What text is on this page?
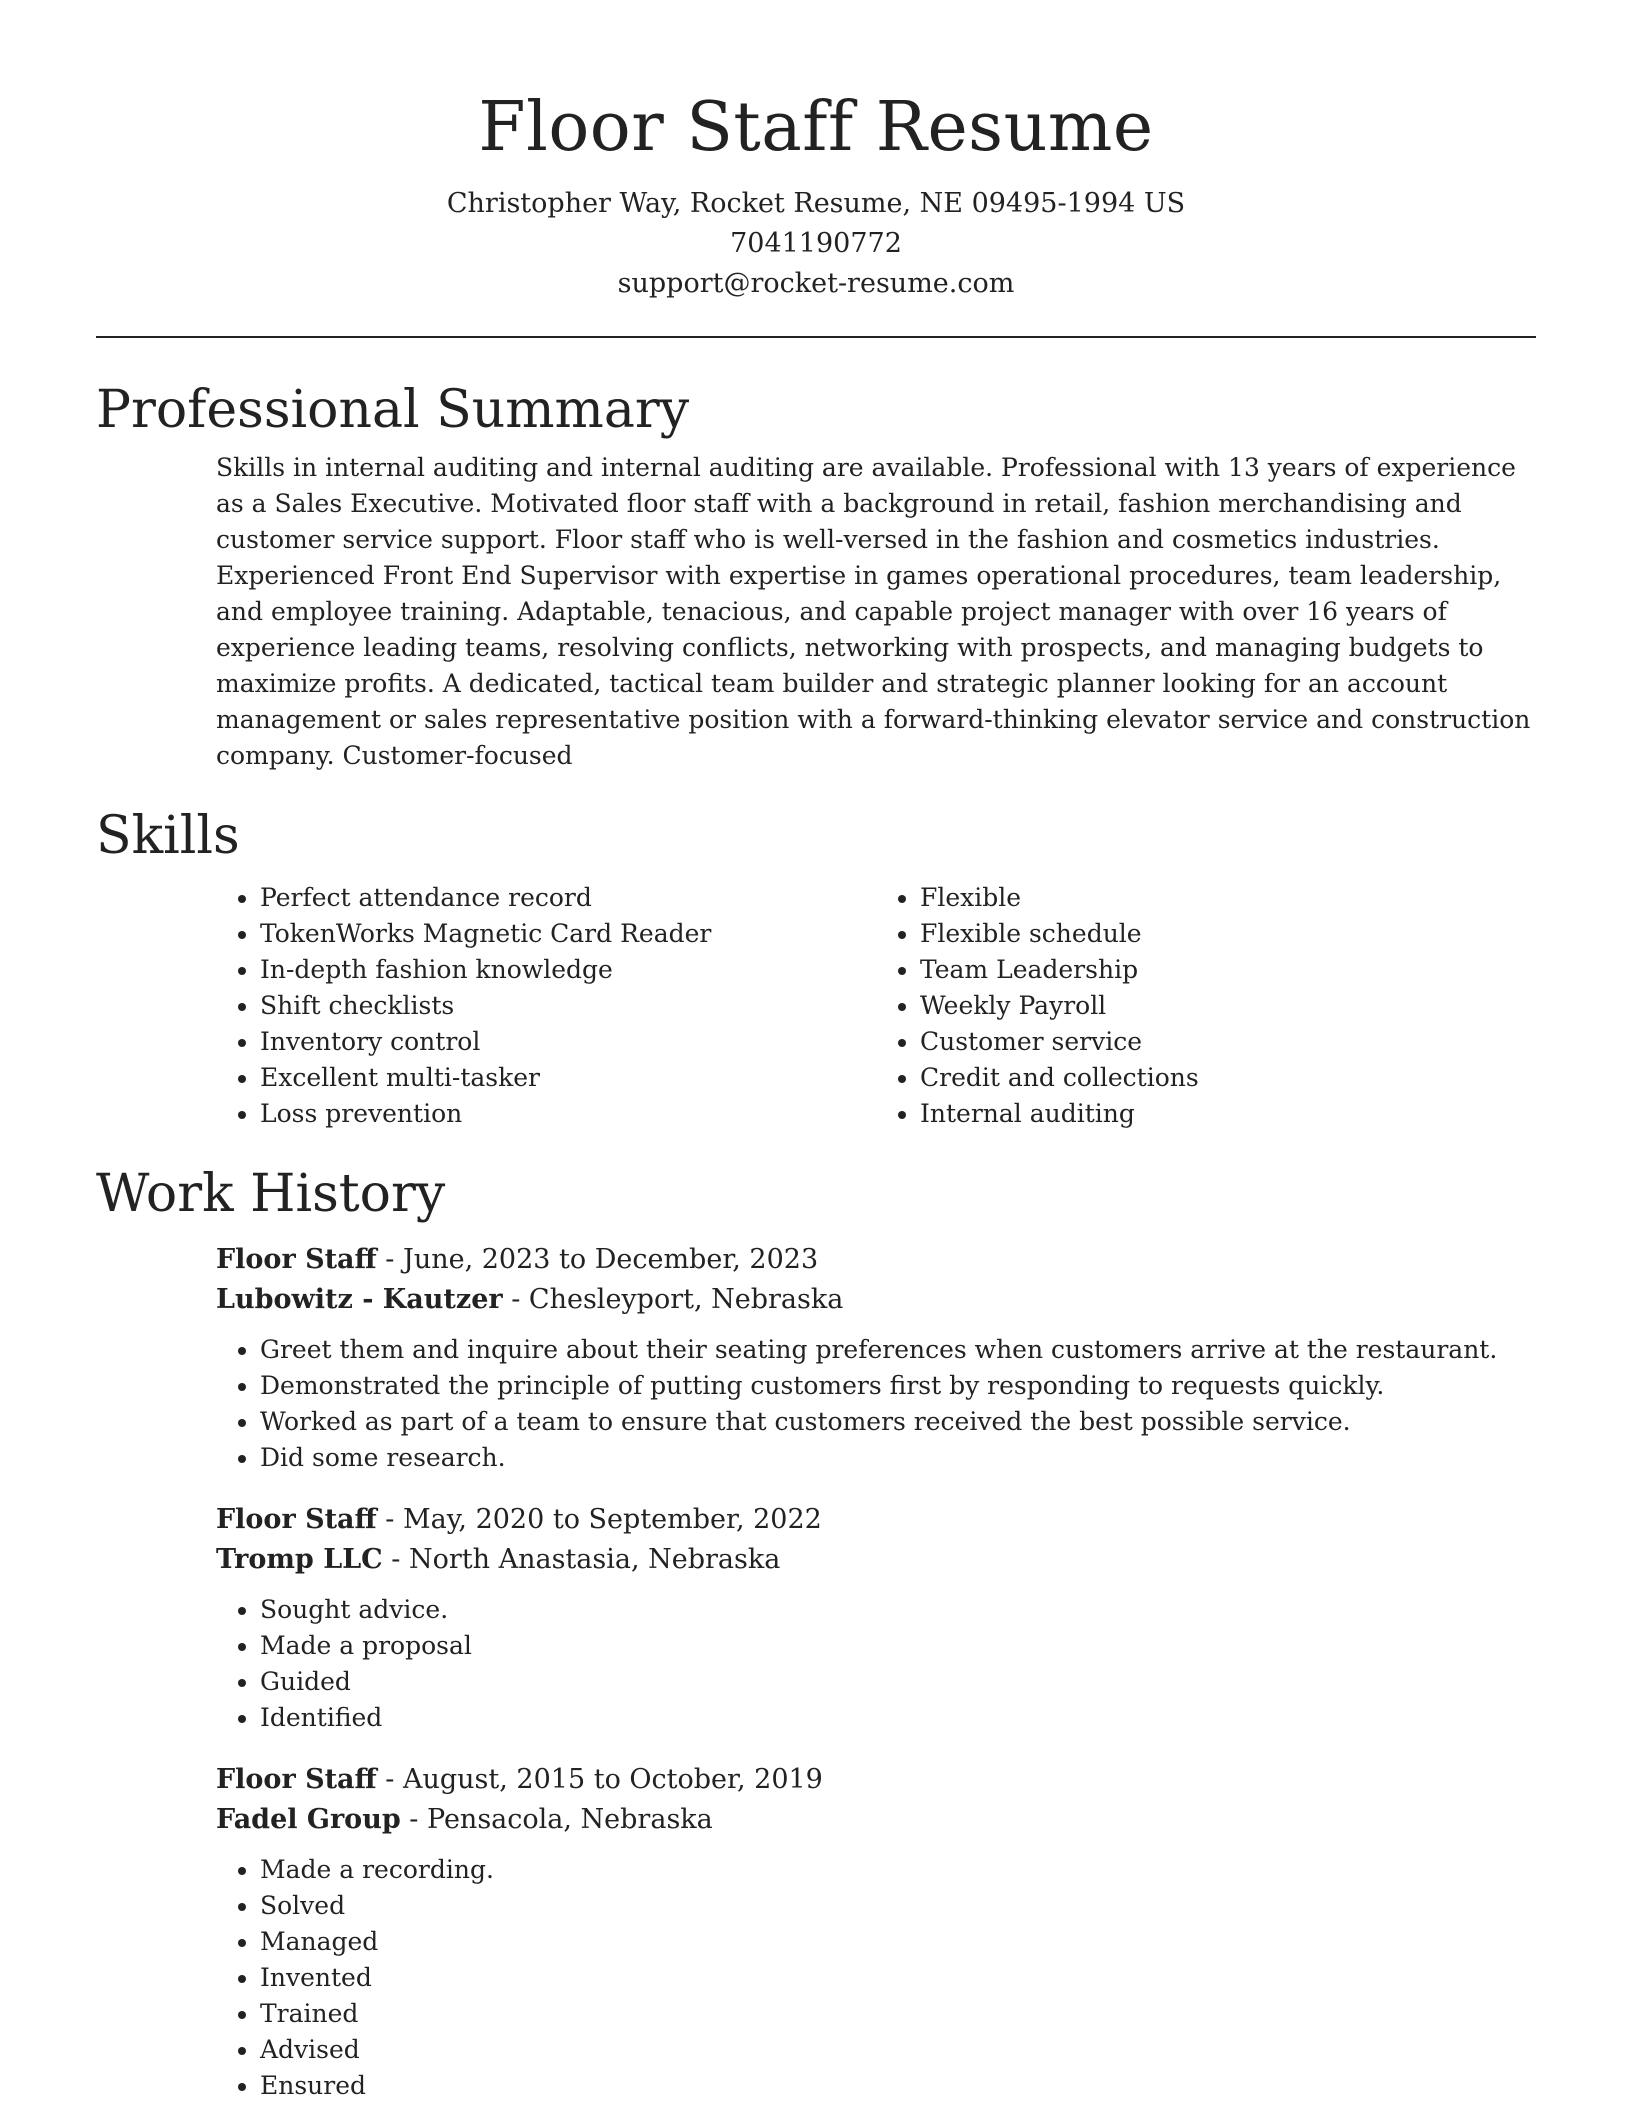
Floor Staff Resume
Christopher Way, Rocket Resume, NE 09495-1994 US
7041190772
support@rocket-resume.com
Professional Summary

Skills in internal auditing and internal auditing are available. Professional with 13 years of experience as a Sales Executive. Motivated floor staff with a background in retail, fashion merchandising and customer service support. Floor staff who is well-versed in the fashion and cosmetics industries. Experienced Front End Supervisor with expertise in games operational procedures, team leadership, and employee training. Adaptable, tenacious, and capable project manager with over 16 years of experience leading teams, resolving conflicts, networking with prospects, and managing budgets to maximize profits. A dedicated, tactical team builder and strategic planner looking for an account management or sales representative position with a forward-thinking elevator service and construction company. Customer-focused

Skills
• Perfect attendance record
• TokenWorks Magnetic Card Reader
• In-depth fashion knowledge
• Shift checklists
• Inventory control
• Excellent multi-tasker
• Loss prevention
• Flexible
• Flexible schedule
• Team Leadership
• Weekly Payroll
• Customer service
• Credit and collections
• Internal auditing
Work History
Floor Staff - June, 2023 to December, 2023
Lubowitz - Kautzer - Chesleyport, Nebraska
• Greet them and inquire about their seating preferences when customers arrive at the restaurant.
• Demonstrated the principle of putting customers first by responding to requests quickly.
• Worked as part of a team to ensure that customers received the best possible service.
• Did some research.
Floor Staff - May, 2020 to September, 2022
Tromp LLC - North Anastasia, Nebraska
• Sought advice.
• Made a proposal
• Guided
• Identified
Floor Staff - August, 2015 to October, 2019
Fadel Group - Pensacola, Nebraska
• Made a recording.
• Solved
• Managed
• Invented
• Trained
• Advised
• Ensured
